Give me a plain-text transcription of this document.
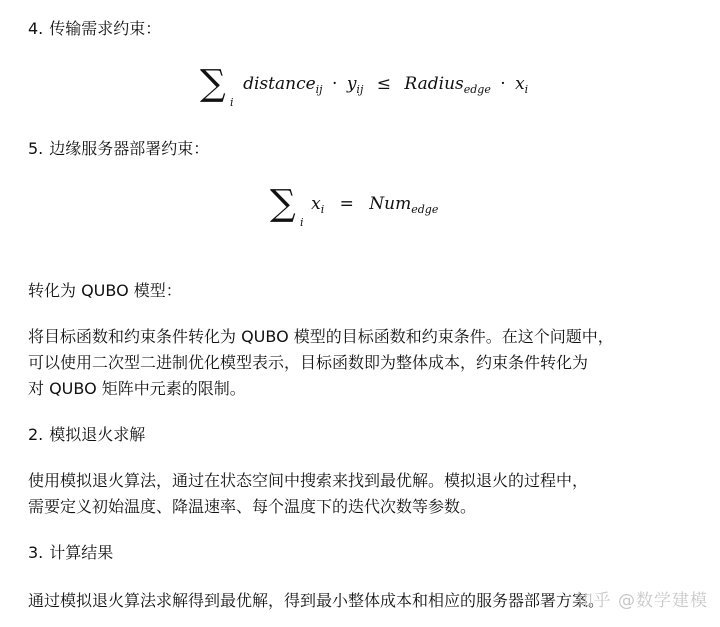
4. 传输需求约束：

∑ i
distance$_{ij}$ · $y_{ij}$ ≤ Radius$_{edge}$ · $x_i$

5. 边缘服务器部署约束：

∑ i
$x_i = Num_{edge}$

转化为 QUBO 模型：

将目标函数和约束条件转化为 QUBO 模型的目标函数和约束条件。在这个问题中，

可以使用二次型二进制优化模型表示，目标函数即为整体成本，约束条件转化为

对 QUBO 矩阵中元素的限制。

2. 模拟退火求解

使用模拟退火算法，通过在状态空间中搜索来找到最优解。模拟退火的过程中，

需要定义初始温度、降温速率、每个温度下的迭代次数等参数。

3. 计算结果

通过模拟退火算法求解得到最优解，得到最小整体成本和相应的服务器部署方案。

知乎 @数学建模
